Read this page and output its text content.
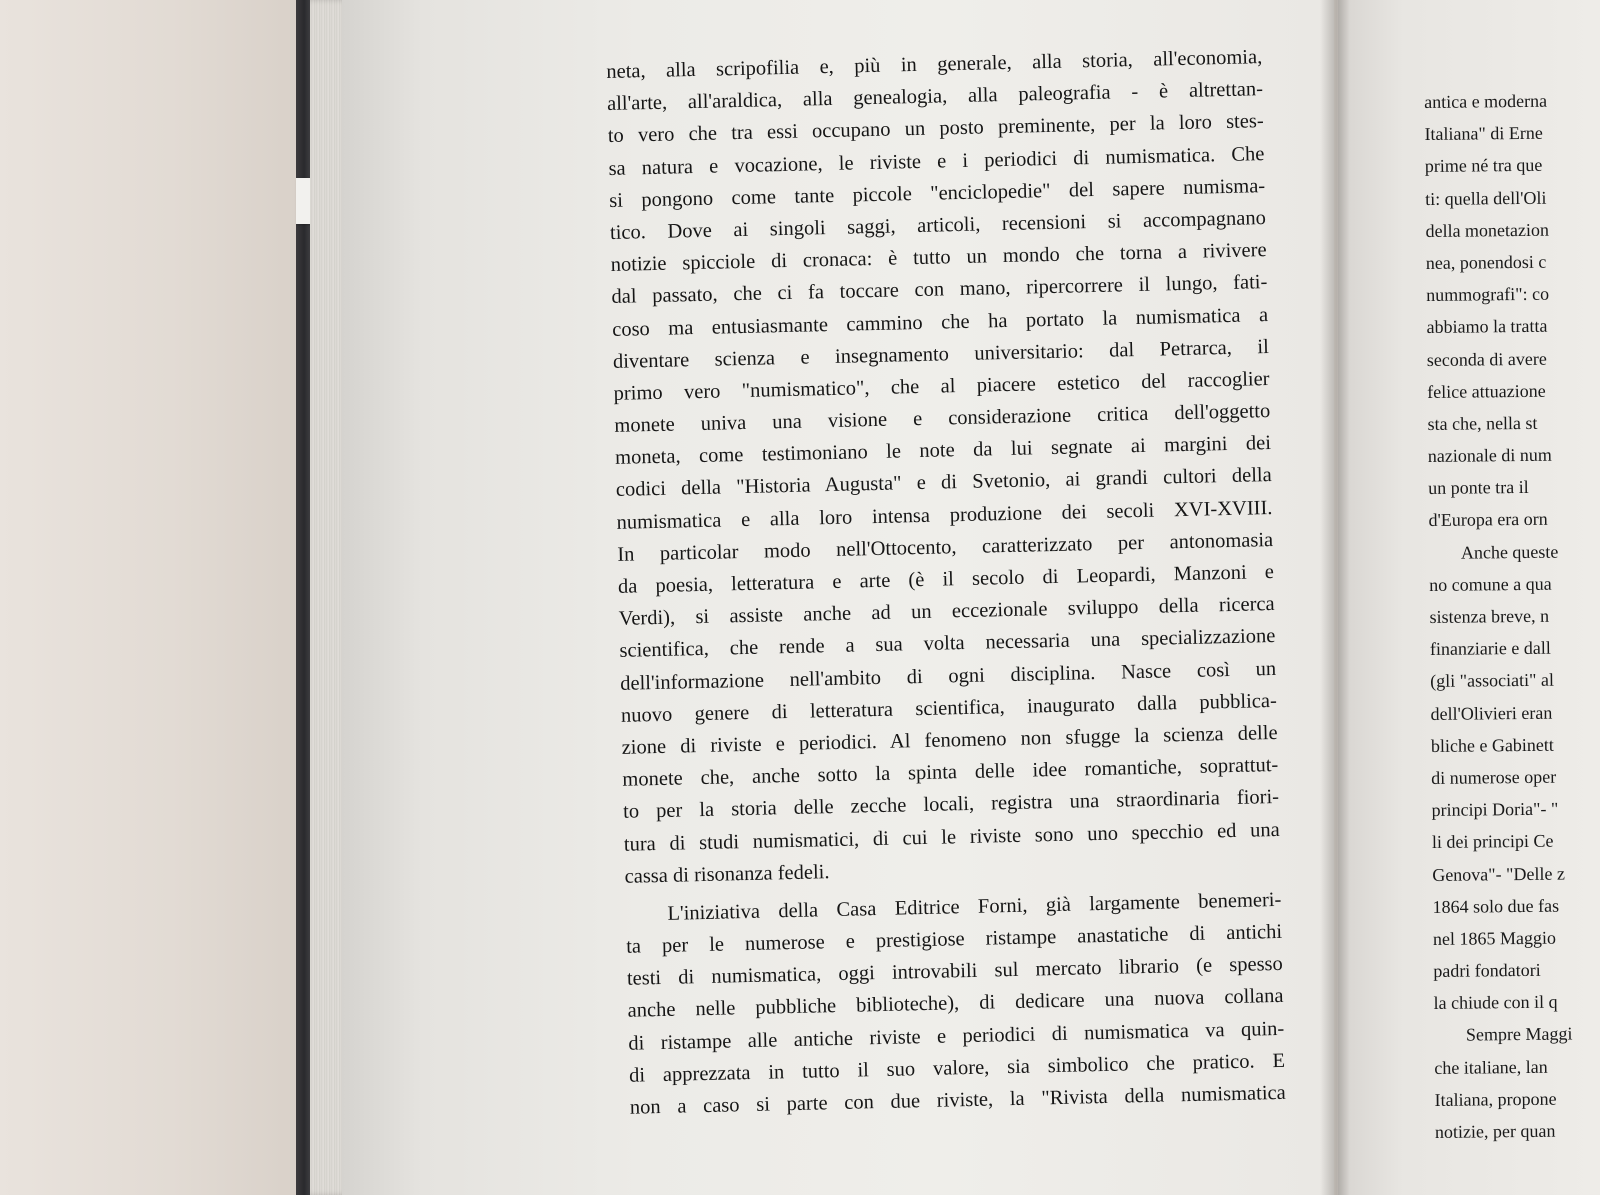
neta, alla scripofilia e, più in generale, alla storia, all'economia,
all'arte, all'araldica, alla genealogia, alla paleografia - è altrettan-
to vero che tra essi occupano un posto preminente, per la loro stes-
sa natura e vocazione, le riviste e i periodici di numismatica. Che
si pongono come tante piccole "enciclopedie" del sapere numisma-
tico. Dove ai singoli saggi, articoli, recensioni si accompagnano
notizie spicciole di cronaca: è tutto un mondo che torna a rivivere
dal passato, che ci fa toccare con mano, ripercorrere il lungo, fati-
coso ma entusiasmante cammino che ha portato la numismatica a
diventare scienza e insegnamento universitario: dal Petrarca, il
primo vero "numismatico", che al piacere estetico del raccoglier
monete univa una visione e considerazione critica dell'oggetto
moneta, come testimoniano le note da lui segnate ai margini dei
codici della "Historia Augusta" e di Svetonio, ai grandi cultori della
numismatica e alla loro intensa produzione dei secoli XVI-XVIII.
In particolar modo nell'Ottocento, caratterizzato per antonomasia
da poesia, letteratura e arte (è il secolo di Leopardi, Manzoni e
Verdi), si assiste anche ad un eccezionale sviluppo della ricerca
scientifica, che rende a sua volta necessaria una specializzazione
dell'informazione nell'ambito di ogni disciplina. Nasce così un
nuovo genere di letteratura scientifica, inaugurato dalla pubblica-
zione di riviste e periodici. Al fenomeno non sfugge la scienza delle
monete che, anche sotto la spinta delle idee romantiche, soprattut-
to per la storia delle zecche locali, registra una straordinaria fiori-
tura di studi numismatici, di cui le riviste sono uno specchio ed una
cassa di risonanza fedeli.
L'iniziativa della Casa Editrice Forni, già largamente benemeri-
ta per le numerose e prestigiose ristampe anastatiche di antichi
testi di numismatica, oggi introvabili sul mercato librario (e spesso
anche nelle pubbliche biblioteche), di dedicare una nuova collana
di ristampe alle antiche riviste e periodici di numismatica va quin-
di apprezzata in tutto il suo valore, sia simbolico che pratico. E
non a caso si parte con due riviste, la "Rivista della numismatica
antica e moderna
Italiana" di Erne
prime né tra que
ti: quella dell'Oli
della monetazion
nea, ponendosi c
nummografi": co
abbiamo la tratta
seconda di avere
felice attuazione
sta che, nella st
nazionale di num
un ponte tra il
d'Europa era orn
Anche queste
no comune a qua
sistenza breve, n
finanziarie e dall
(gli "associati" al
dell'Olivieri eran
bliche e Gabinett
di numerose oper
principi Doria"- "
li dei principi Ce
Genova"- "Delle z
1864 solo due fas
nel 1865 Maggio
padri fondatori
la chiude con il q
Sempre Maggi
che italiane, lan
Italiana, propone
notizie, per quan
